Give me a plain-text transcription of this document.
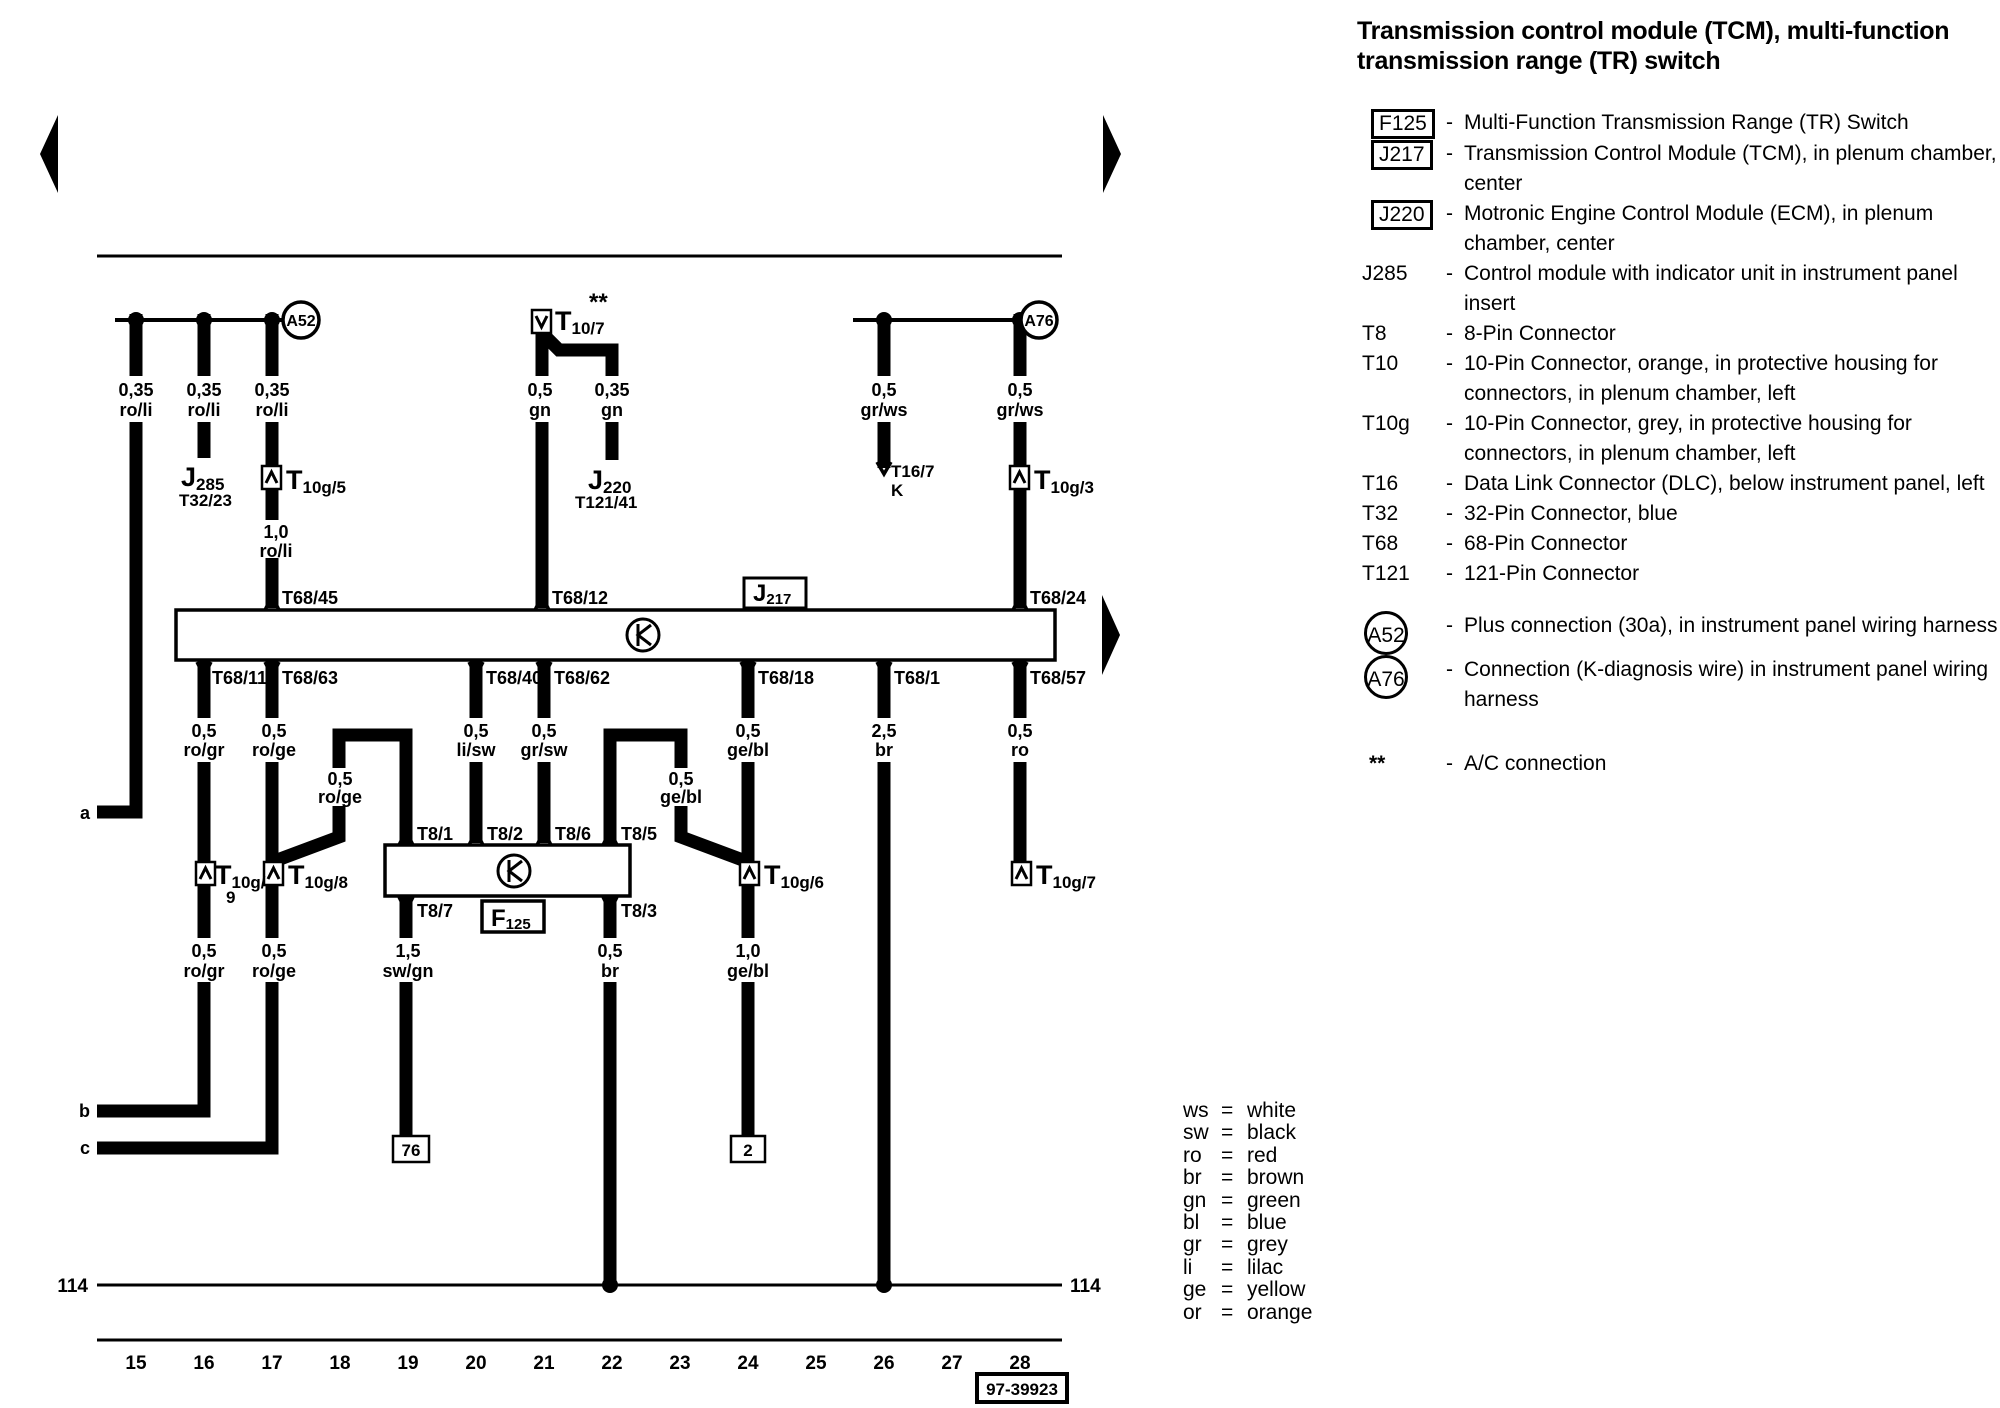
J217
F125
A52	A76
J285
T32/23
T10g/5	T10g/3
T10/7
**
J220
T121/41
T16/7
K
T10g/
9
T10g/8	T10g/6	T10g/7
T68/45	T68/12	T68/24
T68/11 T68/63	T68/40 T68/62	T68/18	T68/1	T68/57
T8/1 T8/2 T8/6 T8/5
T8/7	T8/3
0,35
ro/li
0,35
ro/li
0,35
ro/li
0,5
gn
0,35
gn
0,5
gr/ws
0,5
gr/ws
1,0
ro/li
0,5
ro/gr
0,5
ro/ge
0,5
li/sw
0,5
gr/sw
0,5
ge/bl
2,5
br
0,5
ro
0,5
ro/ge
0,5
ge/bl
0,5
ro/gr
0,5
ro/ge
1,5
sw/gn
0,5
br
1,0
ge/bl
a
b
c
114	114
76	2
15 16 17 18 19 20 21 22 23 24 25 26 27 28
97-39923
Transmission control module (TCM), multi-function
transmission range (TR) switch
F125 - Multi-Function Transmission Range (TR) Switch
J217	- Transmission Control Module (TCM), in plenum chamber, center
J220	- Motronic Engine Control Module (ECM), in plenum chamber, center
J285	- Control module with indicator unit in instrument panel insert
T8	- 8-Pin Connector
T10	- 10-Pin Connector, orange, in protective housing for connectors, in plenum chamber, left
T10g	- 10-Pin Connector, grey, in protective housing for connectors, in plenum chamber, left
T16	- Data Link Connector (DLC), below instrument panel, left
T32	- 32-Pin Connector, blue
T68	- 68-Pin Connector
T121	- 121-Pin Connector
A52	- Plus connection (30a), in instrument panel wiring harness
A76	- Connection (K-diagnosis wire) in instrument panel wiring harness
**	- A/C connection
ws = white
sw = black
ro = red
br = brown
gn = green
bl	= blue
gr = grey
li	= lilac
ge = yellow
or = orange
